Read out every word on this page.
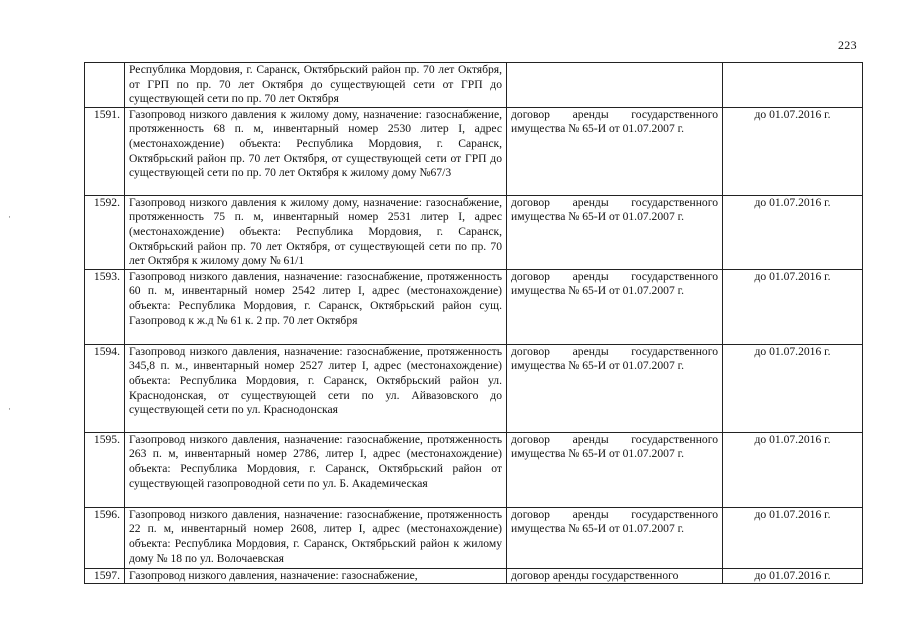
223
·
·
	Республика Мордовия, г. Саранск, Октябрьский район пр. 70 лет Октября, от ГРП по пр. 70 лет Октября до существующей сети от ГРП до существующей сети по пр. 70 лет Октября		
1591.	Газопровод низкого давления к жилому дому, назначение: газоснабжение, протяженность 68 п. м, инвентарный номер 2530 литер I, адрес (местонахождение) объекта: Республика Мордовия, г. Саранск, Октябрьский район пр. 70 лет Октября, от существующей сети от ГРП до существующей сети по пр. 70 лет Октября к жилому дому №67/3	договор аренды государственного имущества № 65-И от 01.07.2007 г.	до 01.07.2016 г.
1592.	Газопровод низкого давления к жилому дому, назначение: газоснабжение, протяженность 75 п. м, инвентарный номер 2531 литер I, адрес (местонахождение) объекта: Республика Мордовия, г. Саранск, Октябрьский район пр. 70 лет Октября, от существующей сети по пр. 70 лет Октября к жилому дому № 61/1	договор аренды государственного имущества № 65-И от 01.07.2007 г.	до 01.07.2016 г.
1593.	Газопровод низкого давления, назначение: газоснабжение, протяженность 60 п. м, инвентарный номер 2542 литер I, адрес (местонахождение) объекта: Республика Мордовия, г. Саранск, Октябрьский район сущ. Газопровод к ж.д № 61 к. 2 пр. 70 лет Октября	договор аренды государственного имущества № 65-И от 01.07.2007 г.	до 01.07.2016 г.
1594.	Газопровод низкого давления, назначение: газоснабжение, протяженность 345,8 п. м., инвентарный номер 2527 литер I, адрес (местонахождение) объекта: Республика Мордовия, г. Саранск, Октябрьский район ул. Краснодонская, от существующей сети по ул. Айвазовского до существующей сети по ул. Краснодонская	договор аренды государственного имущества № 65-И от 01.07.2007 г.	до 01.07.2016 г.
1595.	Газопровод низкого давления, назначение: газоснабжение, протяженность 263 п. м, инвентарный номер 2786, литер I, адрес (местонахождение) объекта: Республика Мордовия, г. Саранск, Октябрьский район от существующей газопроводной сети по ул. Б. Академическая	договор аренды государственного имущества № 65-И от 01.07.2007 г.	до 01.07.2016 г.
1596.	Газопровод низкого давления, назначение: газоснабжение, протяженность 22 п. м, инвентарный номер 2608, литер I, адрес (местонахождение) объекта: Республика Мордовия, г. Саранск, Октябрьский район к жилому дому № 18 по ул. Волочаевская	договор аренды государственного имущества № 65-И от 01.07.2007 г.	до 01.07.2016 г.
1597.	Газопровод низкого давления, назначение: газоснабжение,	договор аренды государственного	до 01.07.2016 г.
